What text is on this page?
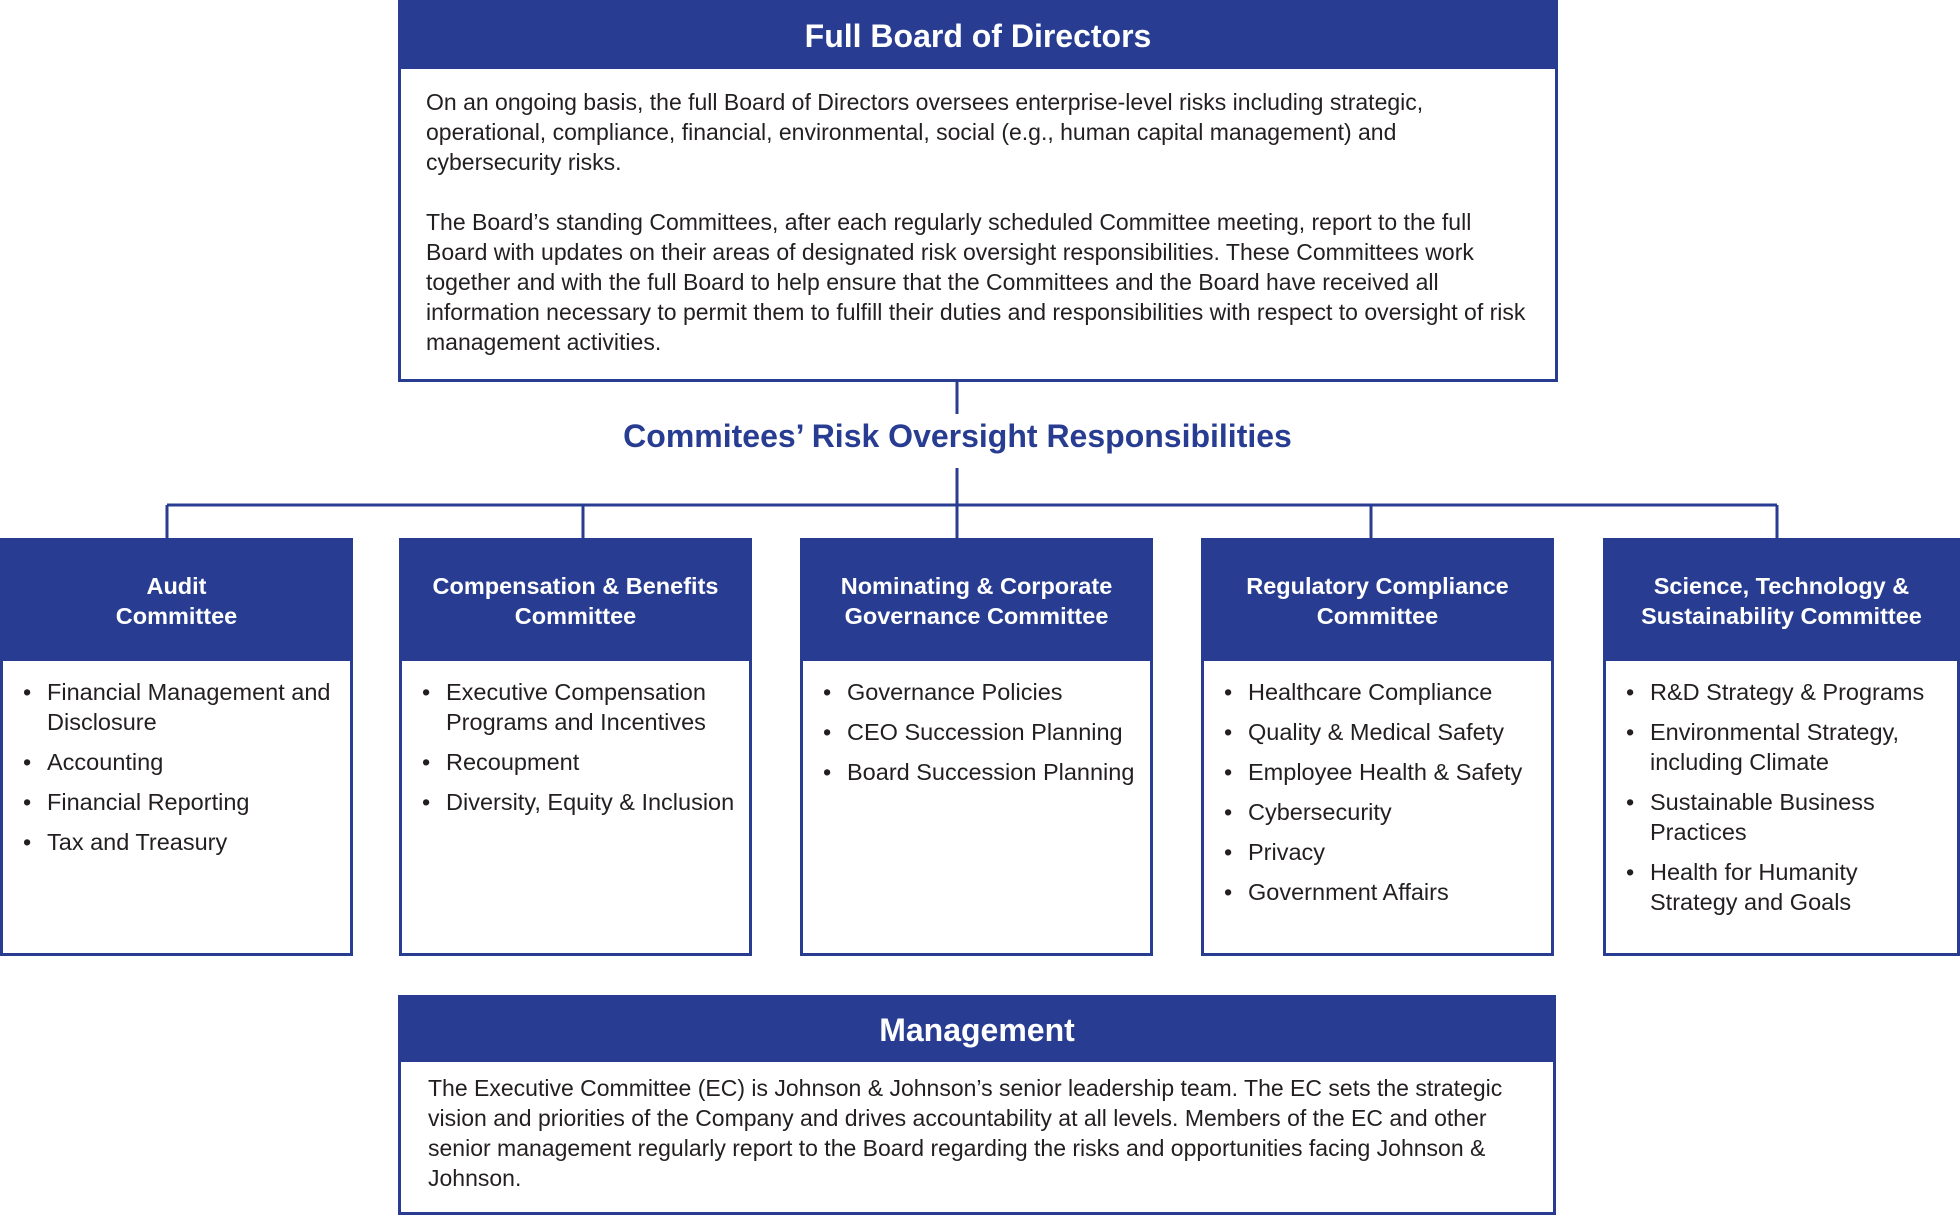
Full Board of Directors

On an ongoing basis, the full Board of Directors oversees enterprise-level risks including strategic, operational, compliance, financial, environmental, social (e.g., human capital management) and cybersecurity risks.

The Board’s standing Committees, after each regularly scheduled Committee meeting, report to the full Board with updates on their areas of designated risk oversight responsibilities. These Committees work together and with the full Board to help ensure that the Committees and the Board have received all information necessary to permit them to fulfill their duties and responsibilities with respect to oversight of risk management activities.

Commitees’ Risk Oversight Responsibilities
Audit
Committee
• Financial Management and Disclosure
• Accounting
• Financial Reporting
• Tax and Treasury
Compensation & Benefits
Committee
• Executive Compensation Programs and Incentives
• Recoupment
• Diversity, Equity & Inclusion
Nominating & Corporate
Governance Committee
• Governance Policies
• CEO Succession Planning
• Board Succession Planning
Regulatory Compliance
Committee
• Healthcare Compliance
• Quality & Medical Safety
• Employee Health & Safety
• Cybersecurity
• Privacy
• Government Affairs
Science, Technology &
Sustainability Committee
• R&D Strategy & Programs
• Environmental Strategy, including Climate
• Sustainable Business Practices
• Health for Humanity Strategy and Goals
Management
The Executive Committee (EC) is Johnson & Johnson’s senior leadership team. The EC sets the strategic vision and priorities of the Company and drives accountability at all levels. Members of the EC and other senior management regularly report to the Board regarding the risks and opportunities facing Johnson & Johnson.
